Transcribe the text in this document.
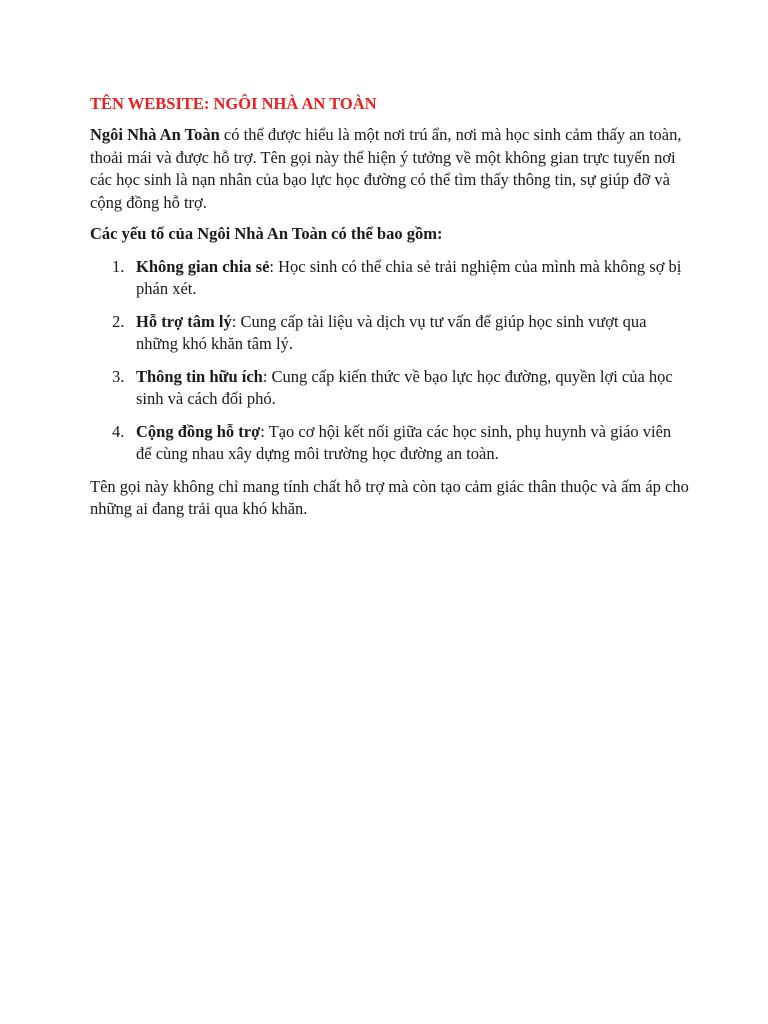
TÊN WEBSITE: NGÔI NHÀ AN TOÀN

Ngôi Nhà An Toàn có thể được hiểu là một nơi trú ẩn, nơi mà học sinh cảm thấy an toàn, thoải mái và được hỗ trợ. Tên gọi này thể hiện ý tưởng về một không gian trực tuyến nơi các học sinh là nạn nhân của bạo lực học đường có thể tìm thấy thông tin, sự giúp đỡ và cộng đồng hỗ trợ.

Các yếu tố của Ngôi Nhà An Toàn có thể bao gồm:

1. Không gian chia sẻ: Học sinh có thể chia sẻ trải nghiệm của mình mà không sợ bị phán xét.
2. Hỗ trợ tâm lý: Cung cấp tài liệu và dịch vụ tư vấn để giúp học sinh vượt qua những khó khăn tâm lý.
3. Thông tin hữu ích: Cung cấp kiến thức về bạo lực học đường, quyền lợi của học sinh và cách đối phó.
4. Cộng đồng hỗ trợ: Tạo cơ hội kết nối giữa các học sinh, phụ huynh và giáo viên để cùng nhau xây dựng môi trường học đường an toàn.

Tên gọi này không chỉ mang tính chất hỗ trợ mà còn tạo cảm giác thân thuộc và ấm áp cho những ai đang trải qua khó khăn.
